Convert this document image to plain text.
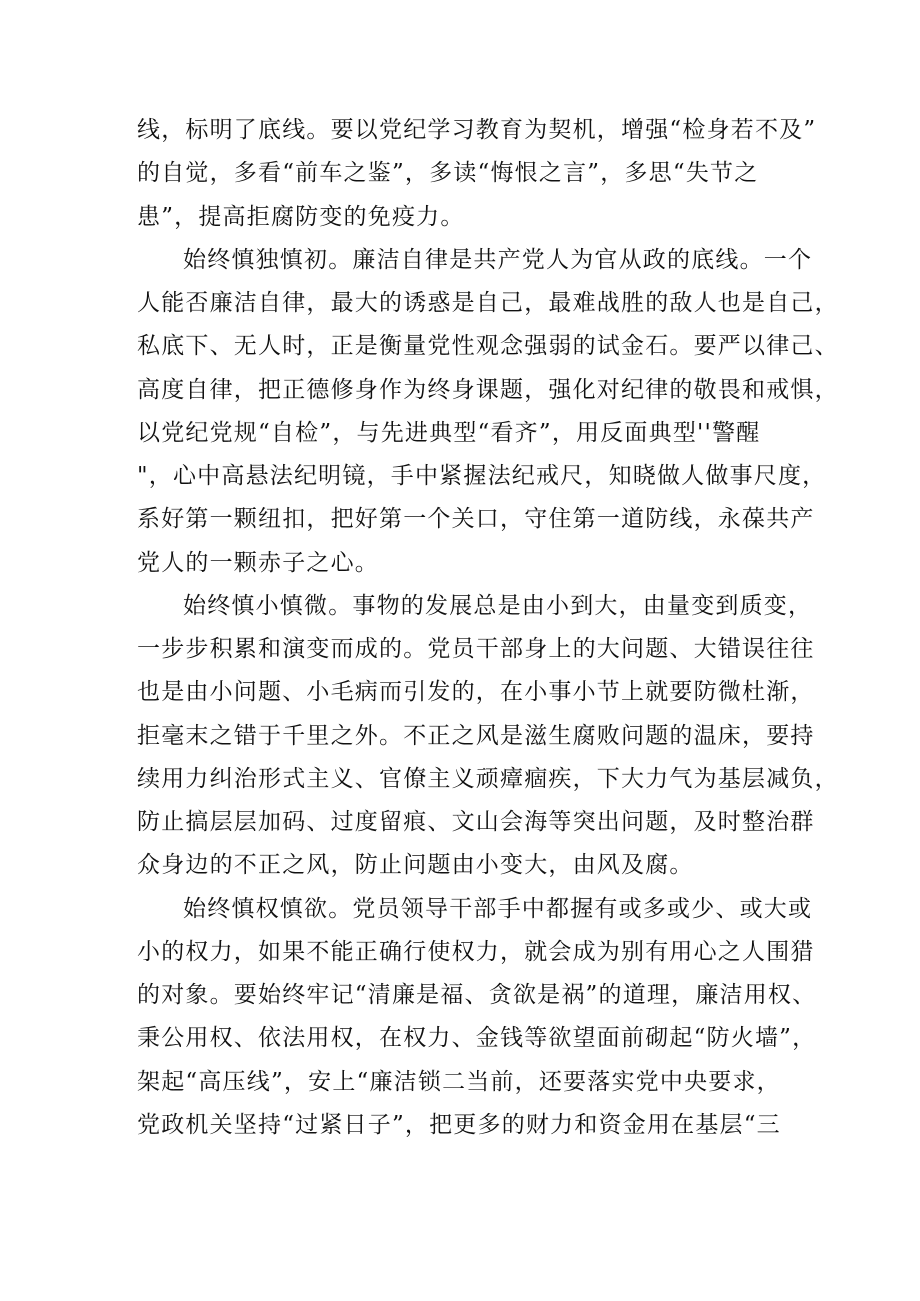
线，标明了底线。要以党纪学习教育为契机，增强“检身若不及”
的自觉，多看“前车之鉴”，多读“悔恨之言”，多思“失节之
患”，提高拒腐防变的免疫力。
始终慎独慎初。廉洁自律是共产党人为官从政的底线。一个
人能否廉洁自律，最大的诱惑是自己，最难战胜的敌人也是自己，
私底下、无人时，正是衡量党性观念强弱的试金石。要严以律己、
高度自律，把正德修身作为终身课题，强化对纪律的敬畏和戒惧，
以党纪党规“自检”，与先进典型“看齐”，用反面典型''警醒
"，心中高悬法纪明镜，手中紧握法纪戒尺，知晓做人做事尺度，
系好第一颗纽扣，把好第一个关口，守住第一道防线，永葆共产
党人的一颗赤子之心。
始终慎小慎微。事物的发展总是由小到大，由量变到质变，
一步步积累和演变而成的。党员干部身上的大问题、大错误往往
也是由小问题、小毛病而引发的，在小事小节上就要防微杜渐，
拒毫末之错于千里之外。不正之风是滋生腐败问题的温床，要持
续用力纠治形式主义、官僚主义顽瘴痼疾，下大力气为基层减负，
防止搞层层加码、过度留痕、文山会海等突出问题，及时整治群
众身边的不正之风，防止问题由小变大，由风及腐。
始终慎权慎欲。党员领导干部手中都握有或多或少、或大或
小的权力，如果不能正确行使权力，就会成为别有用心之人围猎
的对象。要始终牢记“清廉是福、贪欲是祸”的道理，廉洁用权、
秉公用权、依法用权，在权力、金钱等欲望面前砌起“防火墙”，
架起“高压线”，安上“廉洁锁二当前，还要落实党中央要求，
党政机关坚持“过紧日子”，把更多的财力和资金用在基层“三
